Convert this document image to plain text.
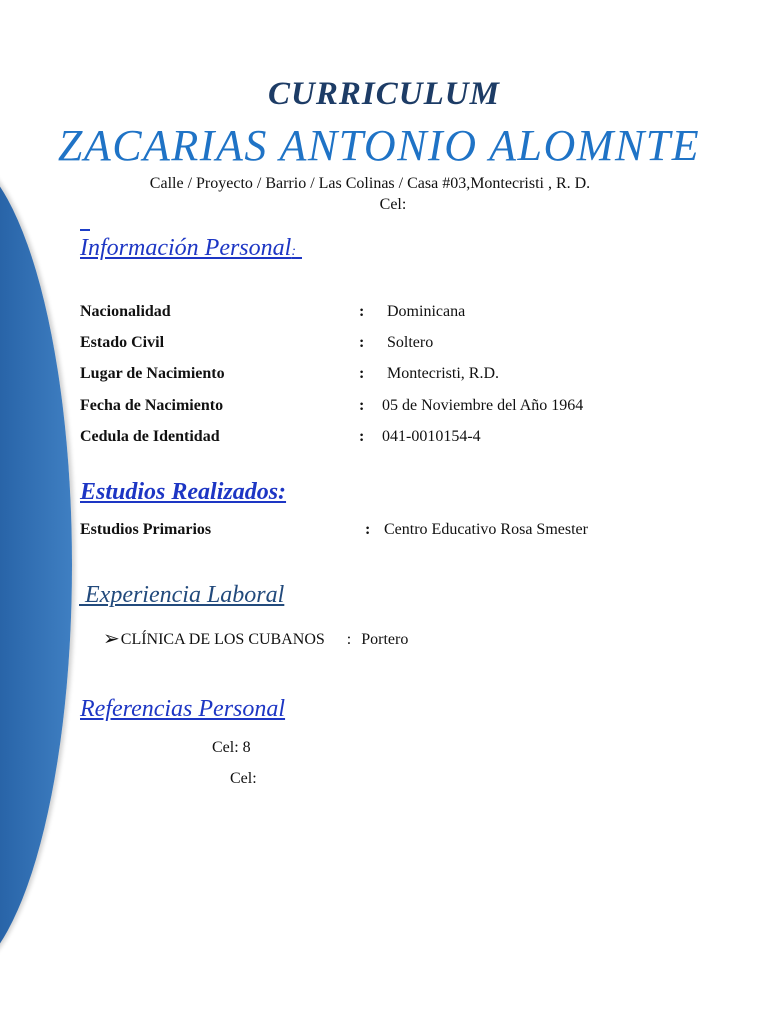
CURRICULUM
ZACARIAS ANTONIO ALOMNTE
Calle / Proyecto / Barrio / Las Colinas / Casa #03,Montecristi , R. D.
Cel:
Información Personal:
Nacionalidad	: Dominicana
Estado Civil	: Soltero
Lugar de Nacimiento	: Montecristi, R.D.
Fecha de Nacimiento	: 05 de Noviembre del Año 1964
Cedula de Identidad	: 041-0010154-4
Estudios Realizados:
Estudios Primarios	: Centro Educativo Rosa Smester
Experiencia Laboral
➢CLÍNICA DE LOS CUBANOS : Portero
Referencias Personal
Cel: 8
Cel:
